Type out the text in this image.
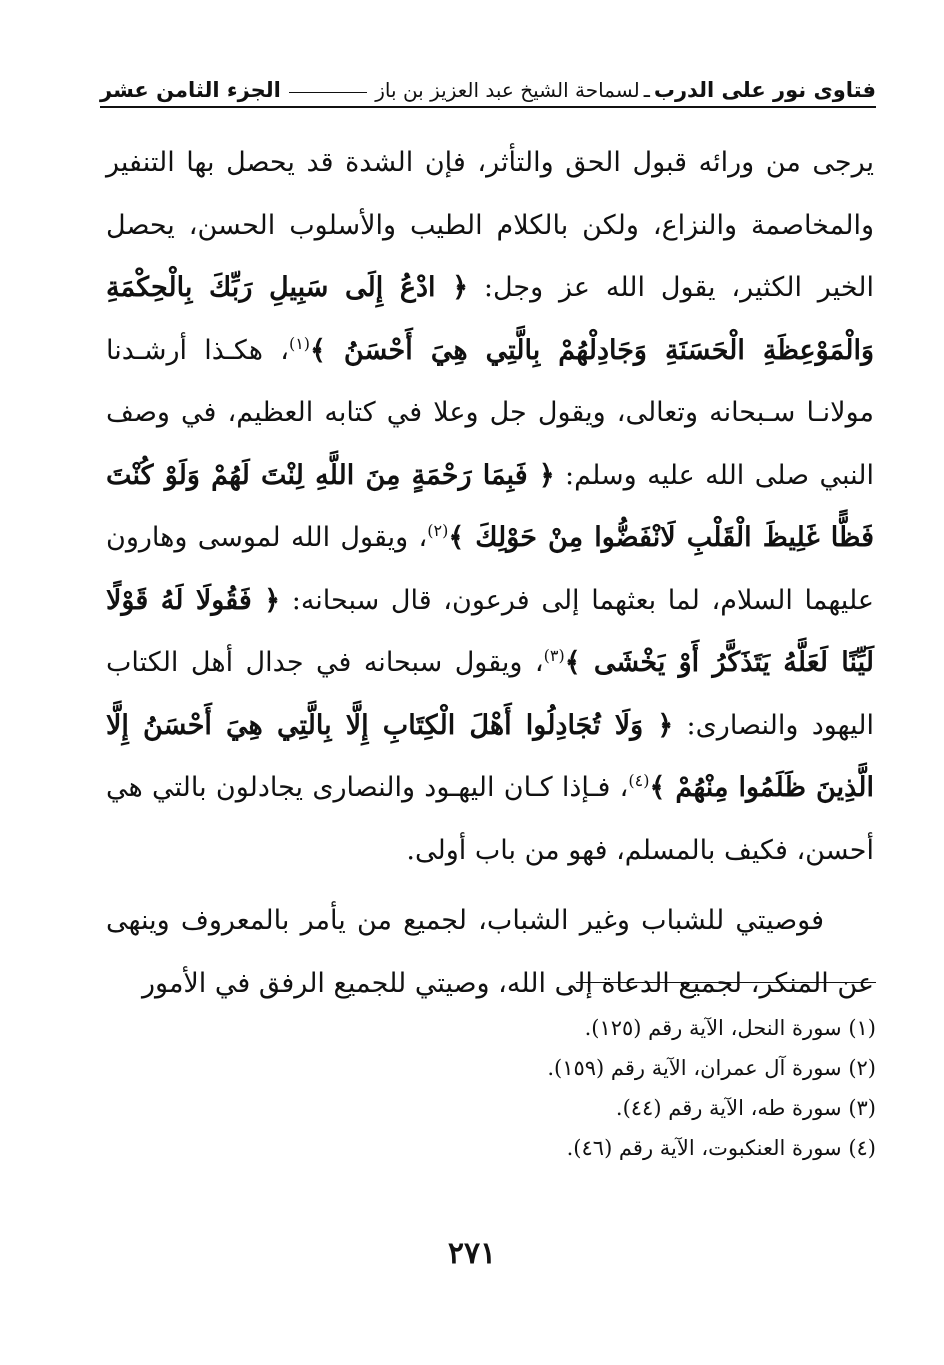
فتاوى نور على الدرب
ـ
لسماحة الشيخ عبد العزيز بن باز
الجزء الثامن عشر

يرجى من ورائه قبول الحق والتأثر، فإن الشدة قد يحصل بها التنفير والمخاصمة والنزاع، ولكن بالكلام الطيب والأسلوب الحسن، يحصل الخير الكثير، يقول الله عز وجل: ﴿ ادْعُ إِلَى سَبِيلِ رَبِّكَ بِالْحِكْمَةِ وَالْمَوْعِظَةِ الْحَسَنَةِ وَجَادِلْهُمْ بِالَّتِي هِيَ أَحْسَنُ ﴾$^{(١)}$، هكـذا أرشـدنا مولانـا سـبحانه وتعالى، ويقول جل وعلا في كتابه العظيم، في وصف النبي صلى الله عليه وسلم: ﴿ فَبِمَا رَحْمَةٍ مِنَ اللَّهِ لِنْتَ لَهُمْ وَلَوْ كُنْتَ فَظًّا غَلِيظَ الْقَلْبِ لَانْفَضُّوا مِنْ حَوْلِكَ ﴾$^{(٢)}$، ويقول الله لموسى وهارون عليهما السلام، لما بعثهما إلى فرعون، قال سبحانه: ﴿ فَقُولَا لَهُ قَوْلًا لَيِّنًا لَعَلَّهُ يَتَذَكَّرُ أَوْ يَخْشَى ﴾$^{(٣)}$، ويقول سبحانه في جدال أهل الكتاب اليهود والنصارى: ﴿ وَلَا تُجَادِلُوا أَهْلَ الْكِتَابِ إِلَّا بِالَّتِي هِيَ أَحْسَنُ إِلَّا الَّذِينَ ظَلَمُوا مِنْهُمْ ﴾$^{(٤)}$، فـإذا كـان اليهـود والنصارى يجادلون بالتي هي أحسن، فكيف بالمسلم، فهو من باب أولى.

فوصيتي للشباب وغير الشباب، لجميع من يأمر بالمعروف وينهى عن المنكر، لجميع الدعاة إلى الله، وصيتي للجميع الرفق في الأمور

(١) سورة النحل، الآية رقم (١٢٥).
(٢) سورة آل عمران، الآية رقم (١٥٩).
(٣) سورة طه، الآية رقم (٤٤).
(٤) سورة العنكبوت، الآية رقم (٤٦).
٢٧١
